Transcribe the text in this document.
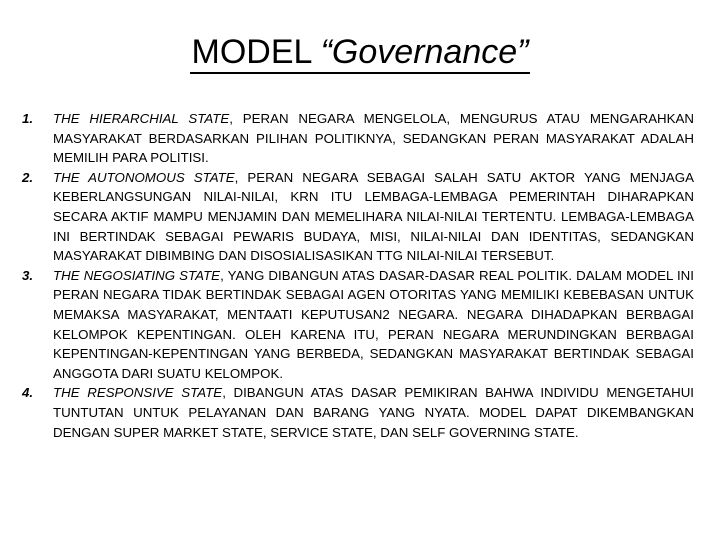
MODEL “Governance”
1.	THE HIERARCHIAL STATE, PERAN NEGARA MENGELOLA, MENGURUS ATAU MENGARAHKAN MASYARAKAT BERDASARKAN PILIHAN POLITIKNYA, SEDANGKAN PERAN MASYARAKAT ADALAH MEMILIH PARA POLITISI.
2.	THE AUTONOMOUS STATE, PERAN NEGARA SEBAGAI SALAH SATU AKTOR YANG MENJAGA KEBERLANGSUNGAN NILAI-NILAI, KRN ITU LEMBAGA-LEMBAGA PEMERINTAH DIHARAPKAN SECARA AKTIF MAMPU MENJAMIN DAN MEMELIHARA NILAI-NILAI TERTENTU. LEMBAGA-LEMBAGA INI BERTINDAK SEBAGAI PEWARIS BUDAYA, MISI, NILAI-NILAI DAN IDENTITAS, SEDANGKAN MASYARAKAT DIBIMBING DAN DISOSIALISASIKAN TTG NILAI-NILAI TERSEBUT.
3.	THE NEGOSIATING STATE, YANG DIBANGUN ATAS DASAR-DASAR REAL POLITIK. DALAM MODEL INI PERAN NEGARA TIDAK BERTINDAK SEBAGAI AGEN OTORITAS YANG MEMILIKI KEBEBASAN UNTUK MEMAKSA MASYARAKAT, MENTAATI KEPUTUSAN2 NEGARA. NEGARA DIHADAPKAN BERBAGAI KELOMPOK KEPENTINGAN. OLEH KARENA ITU, PERAN NEGARA MERUNDINGKAN BERBAGAI KEPENTINGAN-KEPENTINGAN YANG BERBEDA, SEDANGKAN MASYARAKAT BERTINDAK SEBAGAI ANGGOTA DARI SUATU KELOMPOK.
4.	THE RESPONSIVE STATE, DIBANGUN ATAS DASAR PEMIKIRAN BAHWA INDIVIDU MENGETAHUI TUNTUTAN UNTUK PELAYANAN DAN BARANG YANG NYATA. MODEL DAPAT DIKEMBANGKAN DENGAN SUPER MARKET STATE, SERVICE STATE, DAN SELF GOVERNING STATE.
